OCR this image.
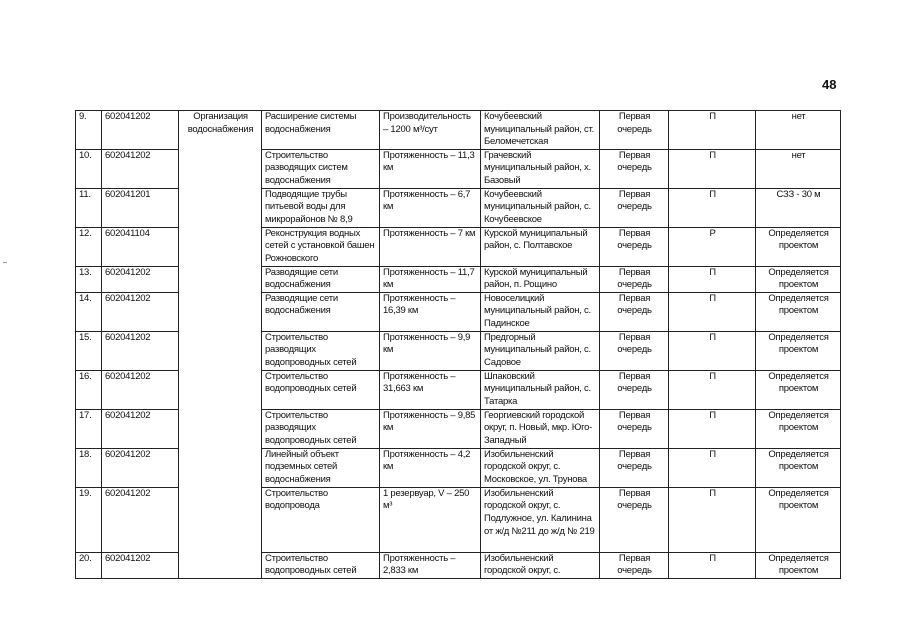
48
9.	602041202	Организация водоснабжения	Расширение системы водоснабжения	Производительность – 1200 м³/сут	Кочубеевский муниципальный район, ст. Беломечетская	Первая очередь	П	нет
10.	602041202		Строительство разводящих систем водоснабжения	Протяженность – 11,3 км	Грачевский муниципальный район, х. Базовый	Первая очередь	П	нет
11.	602041201		Подводящие трубы питьевой воды для микрорайонов № 8,9	Протяженность – 6,7 км	Кочубеевский муниципальный район, с. Кочубеевское	Первая очередь	П	СЗЗ - 30 м
12.	602041104		Реконструкция водных сетей с установкой башен Рожновского	Протяженность – 7 км	Курской муниципальный район, с. Полтавское	Первая очередь	Р	Определяется проектом
13.	602041202		Разводящие сети водоснабжения	Протяженность – 11,7 км	Курской муниципальный район, п. Рощино	Первая очередь	П	Определяется проектом
14.	602041202		Разводящие сети водоснабжения	Протяженность – 16,39 км	Новоселицкий муниципальный район, с. Падинское	Первая очередь	П	Определяется проектом
15.	602041202		Строительство разводящих водопроводных сетей	Протяженность – 9,9 км	Предгорный муниципальный район, с. Садовое	Первая очередь	П	Определяется проектом
16.	602041202		Строительство водопроводных сетей	Протяженность – 31,663 км	Шпаковский муниципальный район, с. Татарка	Первая очередь	П	Определяется проектом
17.	602041202		Строительство разводящих водопроводных сетей	Протяженность – 9,85 км	Георгиевский городской округ, п. Новый, мкр. Юго-Западный	Первая очередь	П	Определяется проектом
18.	602041202		Линейный объект подземных сетей водоснабжения	Протяженность – 4,2 км	Изобильненский городской округ, с. Московское, ул. Трунова	Первая очередь	П	Определяется проектом
19.	602041202		Строительство водопровода	1 резервуар, V – 250 м³	Изобильненский городской округ, с. Подлужное, ул. Калинина от ж/д №211 до ж/д № 219	Первая очередь	П	Определяется проектом
20.	602041202		Строительство водопроводных сетей	Протяженность – 2,833 км	Изобильненский городской округ, с.	Первая очередь	П	Определяется проектом
